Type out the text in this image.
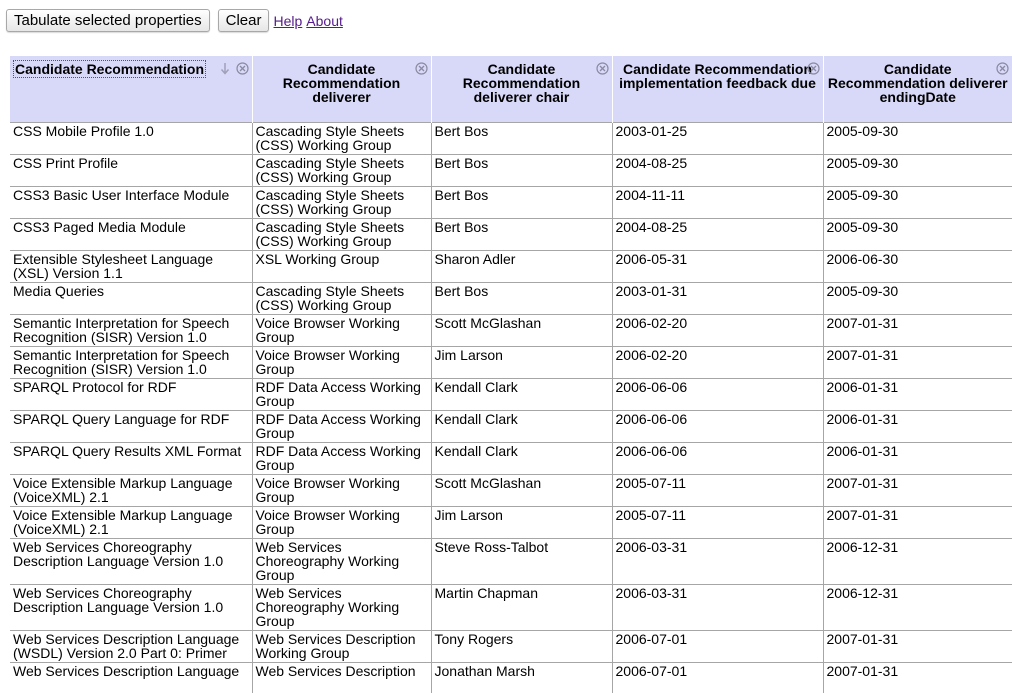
Tabulate selected properties	Clear Help About
Candidate Recommendation	Candidate Recommendation deliverer	Candidate Recommendation deliverer chair	Candidate Recommendation implementation feedback due	Candidate Recommendation deliverer endingDate

CSS Mobile Profile 1.0	Cascading Style Sheets (CSS) Working Group	Bert Bos	2003-01-25	2005-09-30
CSS Print Profile	Cascading Style Sheets (CSS) Working Group	Bert Bos	2004-08-25	2005-09-30
CSS3 Basic User Interface Module	Cascading Style Sheets (CSS) Working Group	Bert Bos	2004-11-11	2005-09-30
CSS3 Paged Media Module	Cascading Style Sheets (CSS) Working Group	Bert Bos	2004-08-25	2005-09-30
Extensible Stylesheet Language (XSL) Version 1.1	XSL Working Group	Sharon Adler	2006-05-31	2006-06-30
Media Queries	Cascading Style Sheets (CSS) Working Group	Bert Bos	2003-01-31	2005-09-30
Semantic Interpretation for Speech Recognition (SISR) Version 1.0	Voice Browser Working Group	Scott McGlashan	2006-02-20	2007-01-31
Semantic Interpretation for Speech Recognition (SISR) Version 1.0	Voice Browser Working Group	Jim Larson	2006-02-20	2007-01-31
SPARQL Protocol for RDF	RDF Data Access Working Group	Kendall Clark	2006-06-06	2006-01-31
SPARQL Query Language for RDF	RDF Data Access Working Group	Kendall Clark	2006-06-06	2006-01-31
SPARQL Query Results XML Format	RDF Data Access Working Group	Kendall Clark	2006-06-06	2006-01-31
Voice Extensible Markup Language (VoiceXML) 2.1	Voice Browser Working Group	Scott McGlashan	2005-07-11	2007-01-31
Voice Extensible Markup Language (VoiceXML) 2.1	Voice Browser Working Group	Jim Larson	2005-07-11	2007-01-31
Web Services Choreography Description Language Version 1.0	Web Services Choreography Working Group	Steve Ross-Talbot	2006-03-31	2006-12-31
Web Services Choreography Description Language Version 1.0	Web Services Choreography Working Group	Martin Chapman	2006-03-31	2006-12-31
Web Services Description Language (WSDL) Version 2.0 Part 0: Primer	Web Services Description Working Group	Tony Rogers	2006-07-01	2007-01-31
Web Services Description Language	Web Services Description	Jonathan Marsh	2006-07-01	2007-01-31
